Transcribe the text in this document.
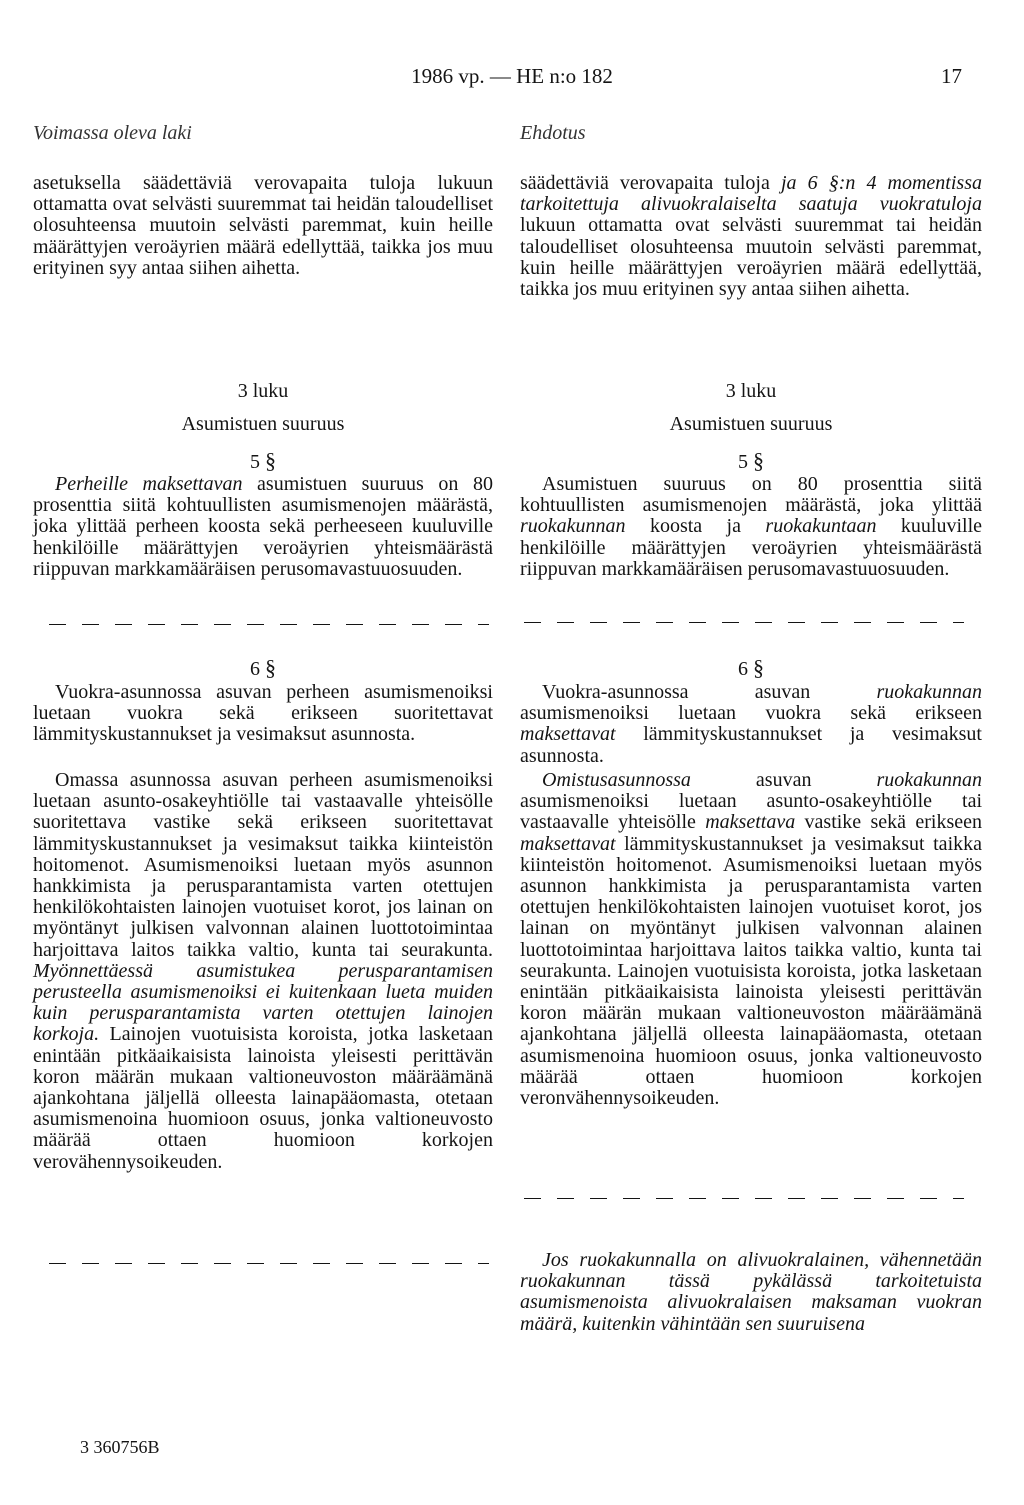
1986 vp. — HE n:o 182	17
Voimassa oleva laki
asetuksella säädettäviä verovapaita tuloja lukuun ottamatta ovat selvästi suuremmat tai heidän taloudelliset olosuhteensa muutoin selvästi paremmat, kuin heille määrättyjen veroäyrien määrä edellyttää, taikka jos muu erityinen syy antaa siihen aihetta.
3 luku
Asumistuen suuruus
5 §
Perheille maksettavan asumistuen suuruus on 80 prosenttia siitä kohtuullisten asumismenojen määrästä, joka ylittää perheen koosta sekä perheeseen kuuluville henkilöille määrättyjen veroäyrien yhteismäärästä riippuvan markkamääräisen perusomavastuuosuuden.
6 §
Vuokra-asunnossa asuvan perheen asumismenoiksi luetaan vuokra sekä erikseen suoritettavat lämmityskustannukset ja vesimaksut asunnosta.
Omassa asunnossa asuvan perheen asumismenoiksi luetaan asunto-osakeyhtiölle tai vastaavalle yhteisölle suoritettava vastike sekä erikseen suoritettavat lämmityskustannukset ja vesimaksut taikka kiinteistön hoitomenot. Asumismenoiksi luetaan myös asunnon hankkimista ja perusparantamista varten otettujen henkilökohtaisten lainojen vuotuiset korot, jos lainan on myöntänyt julkisen valvonnan alainen luottotoimintaa harjoittava laitos taikka valtio, kunta tai seurakunta. Myönnettäessä asumistukea perusparantamisen perusteella asumismenoiksi ei kuitenkaan lueta muiden kuin perusparantamista varten otettujen lainojen korkoja. Lainojen vuotuisista koroista, jotka lasketaan enintään pitkäaikaisista lainoista yleisesti perittävän koron määrän mukaan valtioneuvoston määräämänä ajankohtana jäljellä olleesta lainapääomasta, otetaan asumismenoina huomioon osuus, jonka valtioneuvosto määrää ottaen huomioon korkojen verovähennysoikeuden.
Ehdotus
säädettäviä verovapaita tuloja ja 6 §:n 4 momentissa tarkoitettuja alivuokralaiselta saatuja vuokratuloja lukuun ottamatta ovat selvästi suuremmat tai heidän taloudelliset olosuhteensa muutoin selvästi paremmat, kuin heille määrättyjen veroäyrien määrä edellyttää, taikka jos muu erityinen syy antaa siihen aihetta.
3 luku
Asumistuen suuruus
5 §
Asumistuen suuruus on 80 prosenttia siitä kohtuullisten asumismenojen määrästä, joka ylittää ruokakunnan koosta ja ruokakuntaan kuuluville henkilöille määrättyjen veroäyrien yhteismäärästä riippuvan markkamääräisen perusomavastuuosuuden.
6 §
Vuokra-asunnossa asuvan ruokakunnan asumismenoiksi luetaan vuokra sekä erikseen maksettavat lämmityskustannukset ja vesimaksut asunnosta.
Omistusasunnossa asuvan ruokakunnan asumismenoiksi luetaan asunto-osakeyhtiölle tai vastaavalle yhteisölle maksettava vastike sekä erikseen maksettavat lämmityskustannukset ja vesimaksut taikka kiinteistön hoitomenot. Asumismenoiksi luetaan myös asunnon hankkimista ja perusparantamista varten otettujen henkilökohtaisten lainojen vuotuiset korot, jos lainan on myöntänyt julkisen valvonnan alainen luottotoimintaa harjoittava laitos taikka valtio, kunta tai seurakunta. Lainojen vuotuisista koroista, jotka lasketaan enintään pitkäaikaisista lainoista yleisesti perittävän koron määrän mukaan valtioneuvoston määräämänä ajankohtana jäljellä olleesta lainapääomasta, otetaan asumismenoina huomioon osuus, jonka valtioneuvosto määrää ottaen huomioon korkojen veronvähennysoikeuden.
Jos ruokakunnalla on alivuokralainen, vähennetään ruokakunnan tässä pykälässä tarkoitetuista asumismenoista alivuokralaisen maksaman vuokran määrä, kuitenkin vähintään sen suuruisena
3 360756B
